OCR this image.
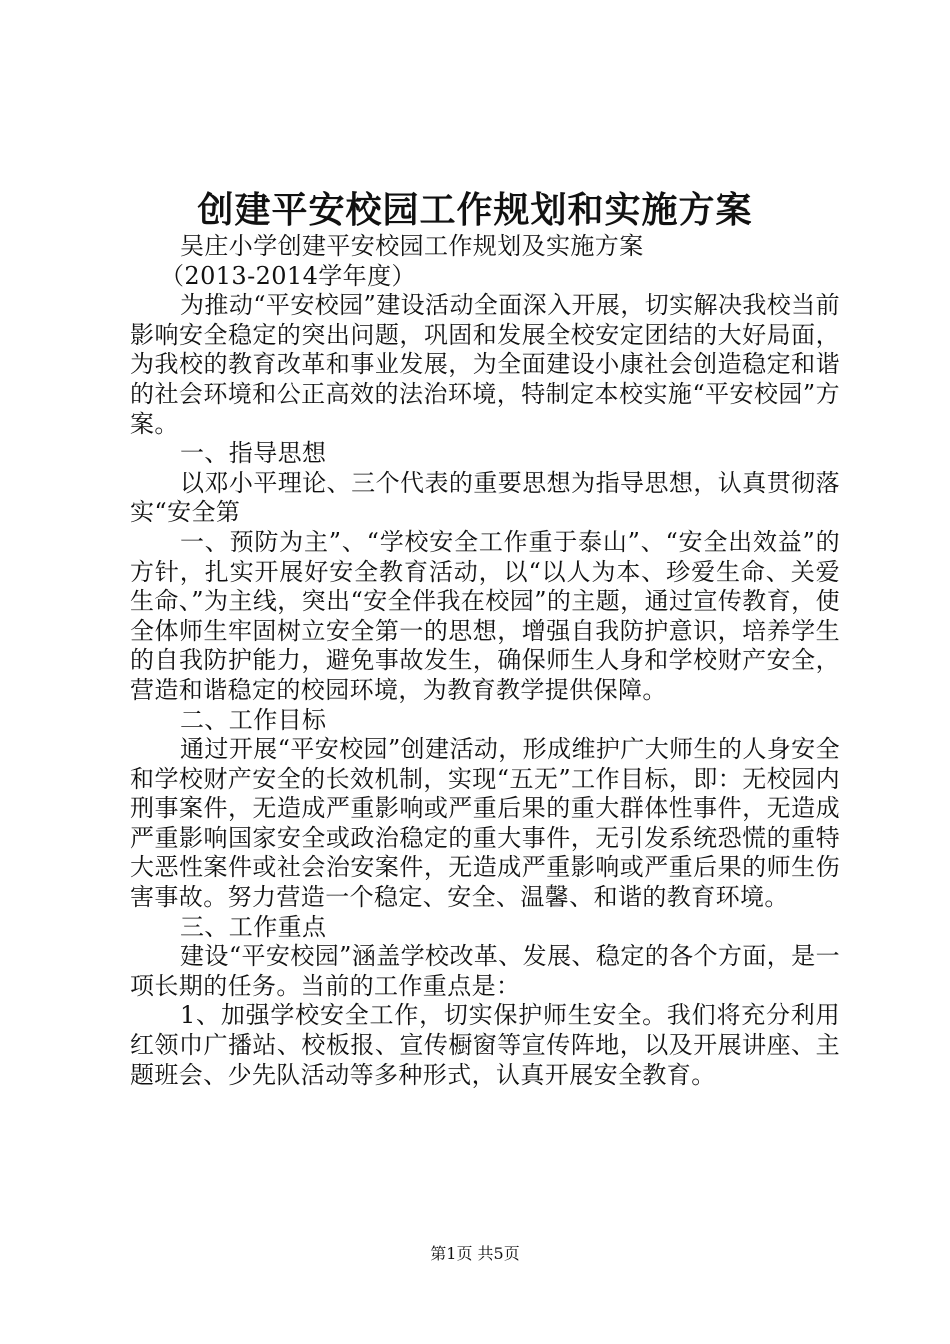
创建平安校园工作规划和实施方案

吴庄小学创建平安校园工作规划及实施方案

（2013-2014学年度）

为推动“平安校园”建设活动全面深入开展，切实解决我校当前影响安全稳定的突出问题，巩固和发展全校安定团结的大好局面，为我校的教育改革和事业发展，为全面建设小康社会创造稳定和谐的社会环境和公正高效的法治环境，特制定本校实施“平安校园”方案。

一、指导思想

以邓小平理论、三个代表的重要思想为指导思想，认真贯彻落实“安全第

一、预防为主”、“学校安全工作重于泰山”、“安全出效益”的方针，扎实开展好安全教育活动，以“以人为本、珍爱生命、关爱生命、”为主线，突出“安全伴我在校园”的主题，通过宣传教育，使全体师生牢固树立安全第一的思想，增强自我防护意识，培养学生的自我防护能力，避免事故发生，确保师生人身和学校财产安全，营造和谐稳定的校园环境，为教育教学提供保障。

二、工作目标

通过开展“平安校园”创建活动，形成维护广大师生的人身安全和学校财产安全的长效机制，实现“五无”工作目标，即：无校园内刑事案件，无造成严重影响或严重后果的重大群体性事件，无造成严重影响国家安全或政治稳定的重大事件，无引发系统恐慌的重特大恶性案件或社会治安案件，无造成严重影响或严重后果的师生伤害事故。努力营造一个稳定、安全、温馨、和谐的教育环境。

三、工作重点

建设“平安校园”涵盖学校改革、发展、稳定的各个方面，是一项长期的任务。当前的工作重点是：

1、加强学校安全工作，切实保护师生安全。我们将充分利用红领巾广播站、校板报、宣传橱窗等宣传阵地，以及开展讲座、主题班会、少先队活动等多种形式，认真开展安全教育。

第1页 共5页
